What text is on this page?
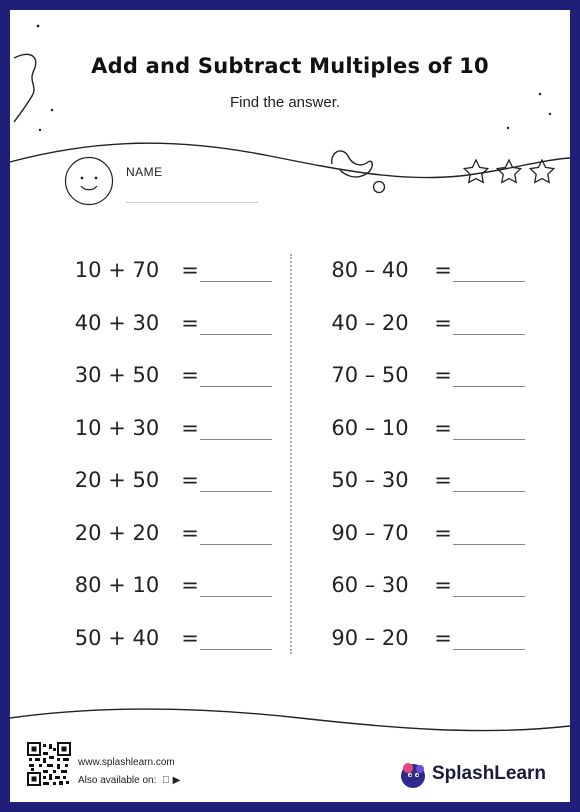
Add and Subtract Multiples of 10
Find the answer.
NAME
10 + 70	=
40 + 30	=
30 + 50	=
10 + 30	=
20 + 50	=
20 + 20	=
80 + 10	=
50 + 40	=
80 – 40	=
40 – 20	=
70 – 50	=
60 – 10	=
50 – 30	=
90 – 70	=
60 – 30	=
90 – 20	=
www.splashlearn.com
Also available on: ▶	SplashLearn
